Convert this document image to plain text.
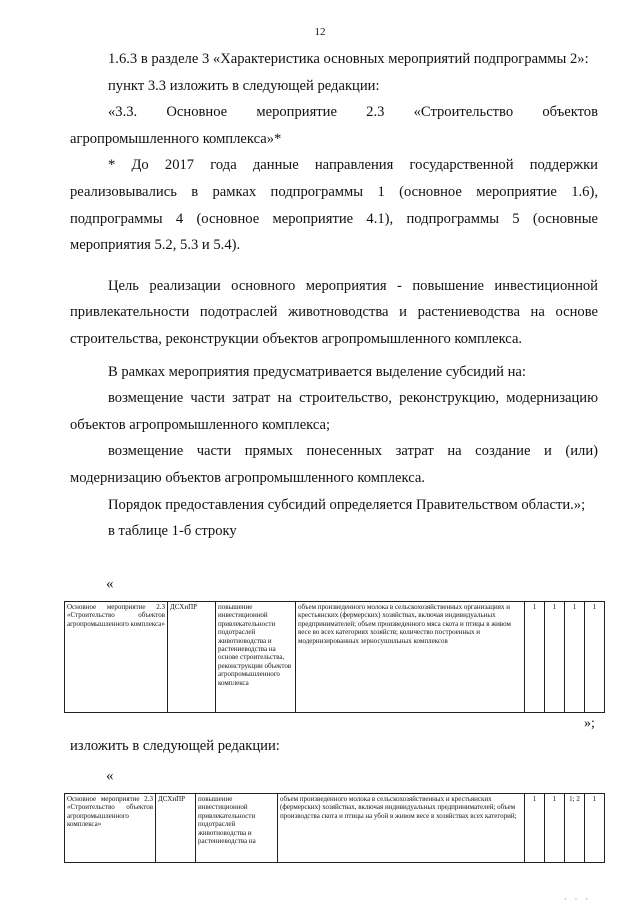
12

1.6.3 в разделе 3 «Характеристика основных мероприятий подпрограммы 2»:

пункт 3.3 изложить в следующей редакции:

«3.3. Основное мероприятие 2.3 «Строительство объектов агропромышленного комплекса»*

* До 2017 года данные направления государственной поддержки реализовывались в рамках подпрограммы 1 (основное мероприятие 1.6), подпрограммы 4 (основное мероприятие 4.1), подпрограммы 5 (основные мероприятия 5.2, 5.3 и 5.4).

Цель реализации основного мероприятия - повышение инвестиционной привлекательности подотраслей животноводства и растениеводства на основе строительства, реконструкции объектов агропромышленного комплекса.

В рамках мероприятия предусматривается выделение субсидий на:

возмещение части затрат на строительство, реконструкцию, модернизацию объектов агропромышленного комплекса;

возмещение части прямых понесенных затрат на создание и (или) модернизацию объектов агропромышленного комплекса.

Порядок предоставления субсидий определяется Правительством области.»;

в таблице 1-б строку

«
Основное мероприятие 2.3 «Строительство объектов агропромышленного комплекса»	ДСХиПР	повышение инвестиционной привлекательности подотраслей животноводства и растениеводства на основе строительства, реконструкции объектов агропромышленного комплекса	объем произведенного молока в сельскохозяйственных организациях и крестьянских (фермерских) хозяйствах, включая индивидуальных предпринимателей; объем произведенного мяса скота и птицы в живом весе во всех категориях хозяйств; количество построенных и модернизированных зерносушильных комплексов	1	1	1	1
»;
изложить в следующей редакции:
«
Основное мероприятие 2.3 «Строительство объектов агропромышленного комплекса»	ДСХиПР	повышение инвестиционной привлекательности подотраслей животноводства и растениеводства на	объем произведенного молока в сельскохозяйственных и крестьянских (фермерских) хозяйствах, включая индивидуальных предпринимателей; объем производства скота и птицы на убой в живом весе в хозяйствах всех категорий;	1	1	1; 2	1
· · ·
